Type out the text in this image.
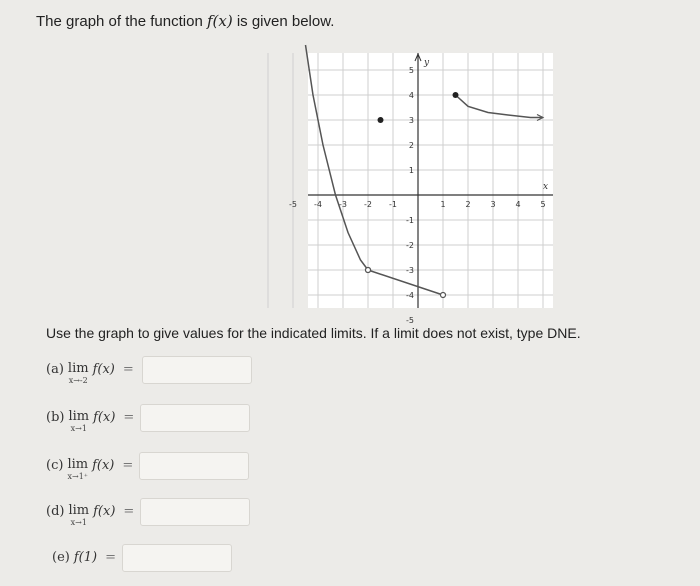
The graph of the function f(x) is given below.
x
y
-5 -4 -3 -2 -1	1 2 3 4 5
5
4
3
2
1
-1
-2
-3
-4
-5
Use the graph to give values for the indicated limits. If a limit does not exist, type DNE.
(a) lim
x→-2
f(x) =
(b) lim
x→1
f(x) =
(c) lim
x→1⁺
f(x) =
(d) lim
x→1
f(x) =
(e) f(1) =
